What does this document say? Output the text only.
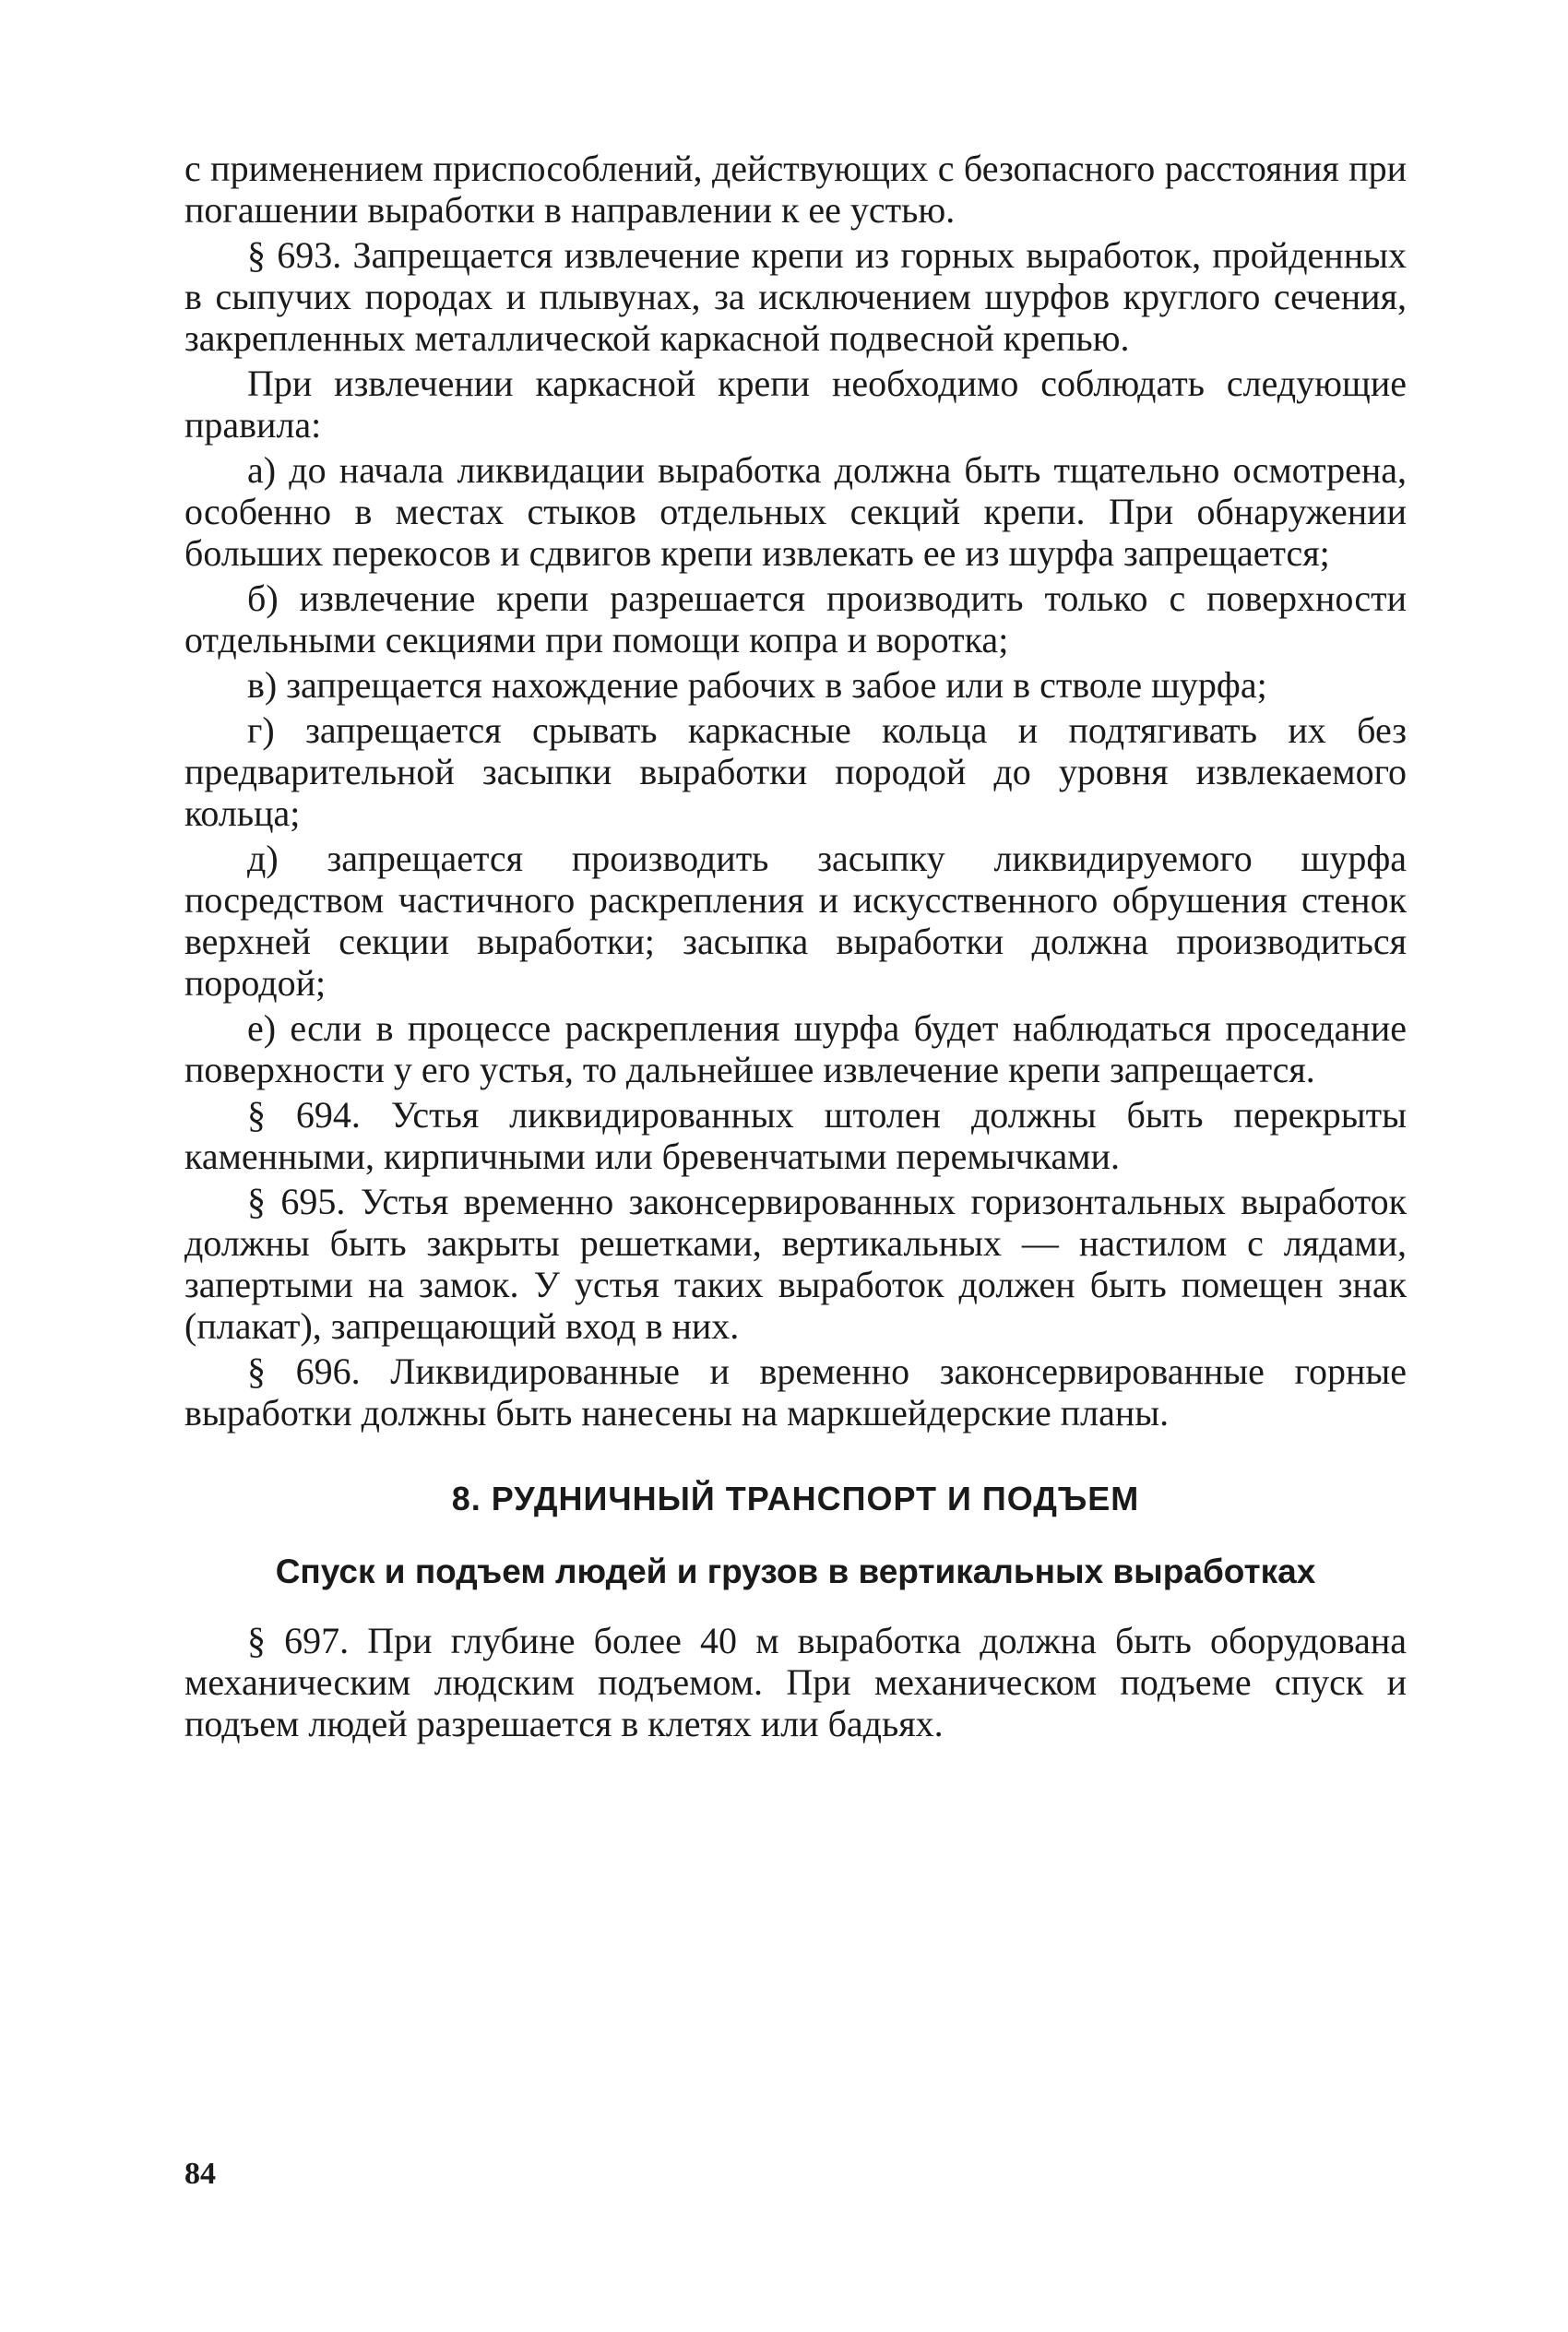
с применением приспособлений, действующих с безопасного расстояния при погашении выработки в направлении к ее устью.

§ 693. Запрещается извлечение крепи из горных выработок, пройденных в сыпучих породах и плывунах, за исключением шурфов круглого сечения, закрепленных металлической каркасной подвесной крепью.

При извлечении каркасной крепи необходимо соблюдать следующие правила:

а) до начала ликвидации выработка должна быть тщательно осмотрена, особенно в местах стыков отдельных секций крепи. При обнаружении больших перекосов и сдвигов крепи извлекать ее из шурфа запрещается;

б) извлечение крепи разрешается производить только с поверхности отдельными секциями при помощи копра и воротка;

в) запрещается нахождение рабочих в забое или в стволе шурфа;

г) запрещается срывать каркасные кольца и подтягивать их без предварительной засыпки выработки породой до уровня извлекаемого кольца;

д) запрещается производить засыпку ликвидируемого шурфа посредством частичного раскрепления и искусственного обрушения стенок верхней секции выработки; засыпка выработки должна производиться породой;

е) если в процессе раскрепления шурфа будет наблюдаться проседание поверхности у его устья, то дальнейшее извлечение крепи запрещается.

§ 694. Устья ликвидированных штолен должны быть перекрыты каменными, кирпичными или бревенчатыми перемычками.

§ 695. Устья временно законсервированных горизонтальных выработок должны быть закрыты решетками, вертикальных — настилом с лядами, запертыми на замок. У устья таких выработок должен быть помещен знак (плакат), запрещающий вход в них.

§ 696. Ликвидированные и временно законсервированные горные выработки должны быть нанесены на маркшейдерские планы.

8. РУДНИЧНЫЙ ТРАНСПОРТ И ПОДЪЕМ
Спуск и подъем людей и грузов в вертикальных выработках

§ 697. При глубине более 40 м выработка должна быть оборудована механическим людским подъемом. При механическом подъеме спуск и подъем людей разрешается в клетях или бадьях.

84
